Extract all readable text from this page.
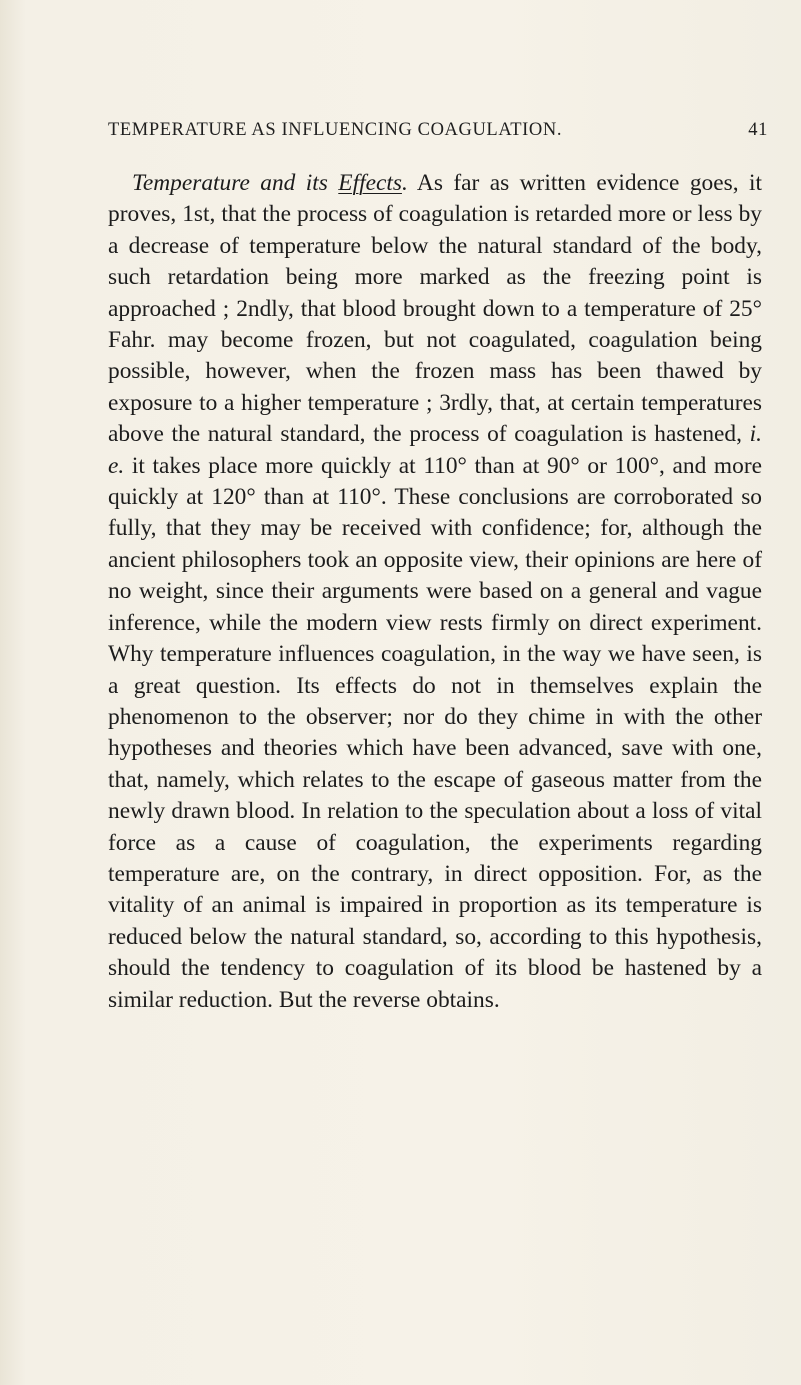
TEMPERATURE AS INFLUENCING COAGULATION.	41

Temperature and its Effects. As far as written evidence goes, it proves, 1st, that the process of coagulation is retarded more or less by a decrease of temperature below the natural standard of the body, such retardation being more marked as the freezing point is approached ; 2ndly, that blood brought down to a temperature of 25° Fahr. may become frozen, but not coagulated, coagulation being possible, however, when the frozen mass has been thawed by exposure to a higher temperature ; 3rdly, that, at certain temperatures above the natural standard, the process of coagulation is hastened, i. e. it takes place more quickly at 110° than at 90° or 100°, and more quickly at 120° than at 110°. These conclusions are corroborated so fully, that they may be received with confidence; for, although the ancient philosophers took an opposite view, their opinions are here of no weight, since their arguments were based on a general and vague inference, while the modern view rests firmly on direct experiment. Why temperature influences coagulation, in the way we have seen, is a great question. Its effects do not in themselves explain the phenomenon to the observer; nor do they chime in with the other hypotheses and theories which have been advanced, save with one, that, namely, which relates to the escape of gaseous matter from the newly drawn blood. In relation to the speculation about a loss of vital force as a cause of coagulation, the experiments regarding temperature are, on the contrary, in direct opposition. For, as the vitality of an animal is impaired in proportion as its temperature is reduced below the natural standard, so, according to this hypothesis, should the tendency to coagulation of its blood be hastened by a similar reduction. But the reverse obtains.
